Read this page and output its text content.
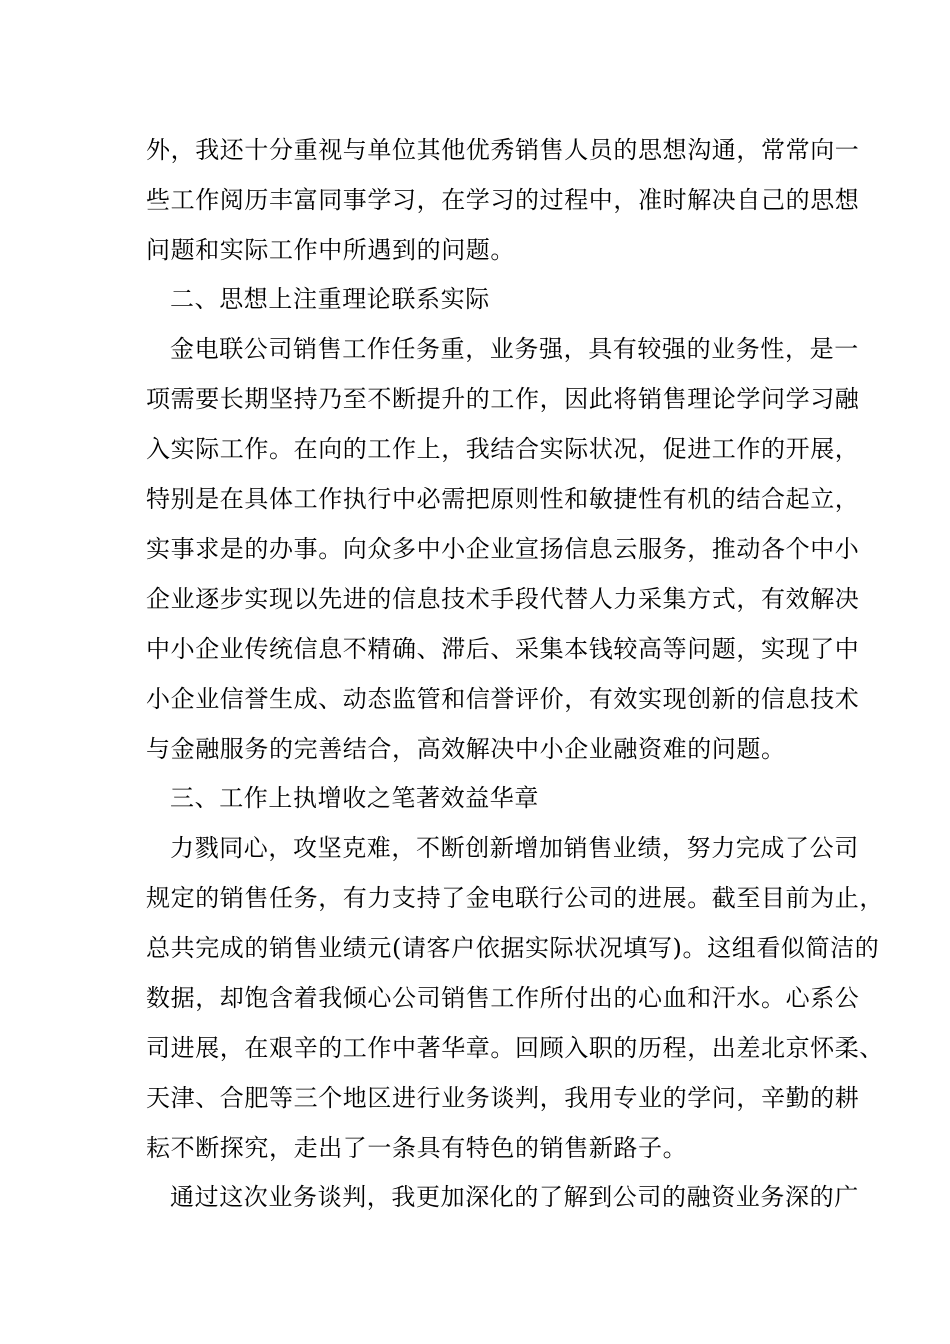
外，我还十分重视与单位其他优秀销售人员的思想沟通，常常向一
些工作阅历丰富同事学习，在学习的过程中，准时解决自己的思想
问题和实际工作中所遇到的问题。
二、思想上注重理论联系实际
金电联公司销售工作任务重，业务强，具有较强的业务性，是一
项需要长期坚持乃至不断提升的工作，因此将销售理论学问学习融
入实际工作。在向的工作上，我结合实际状况，促进工作的开展，
特别是在具体工作执行中必需把原则性和敏捷性有机的结合起立，
实事求是的办事。向众多中小企业宣扬信息云服务，推动各个中小
企业逐步实现以先进的信息技术手段代替人力采集方式，有效解决
中小企业传统信息不精确、滞后、采集本钱较高等问题，实现了中
小企业信誉生成、动态监管和信誉评价，有效实现创新的信息技术
与金融服务的完善结合，高效解决中小企业融资难的问题。
三、工作上执增收之笔著效益华章
力戮同心，攻坚克难，不断创新增加销售业绩，努力完成了公司
规定的销售任务，有力支持了金电联行公司的进展。截至目前为止，
总共完成的销售业绩元(请客户依据实际状况填写)。这组看似简洁的
数据，却饱含着我倾心公司销售工作所付出的心血和汗水。心系公
司进展，在艰辛的工作中著华章。回顾入职的历程，出差北京怀柔、
天津、合肥等三个地区进行业务谈判，我用专业的学问，辛勤的耕
耘不断探究，走出了一条具有特色的销售新路子。
通过这次业务谈判，我更加深化的了解到公司的融资业务深的广
